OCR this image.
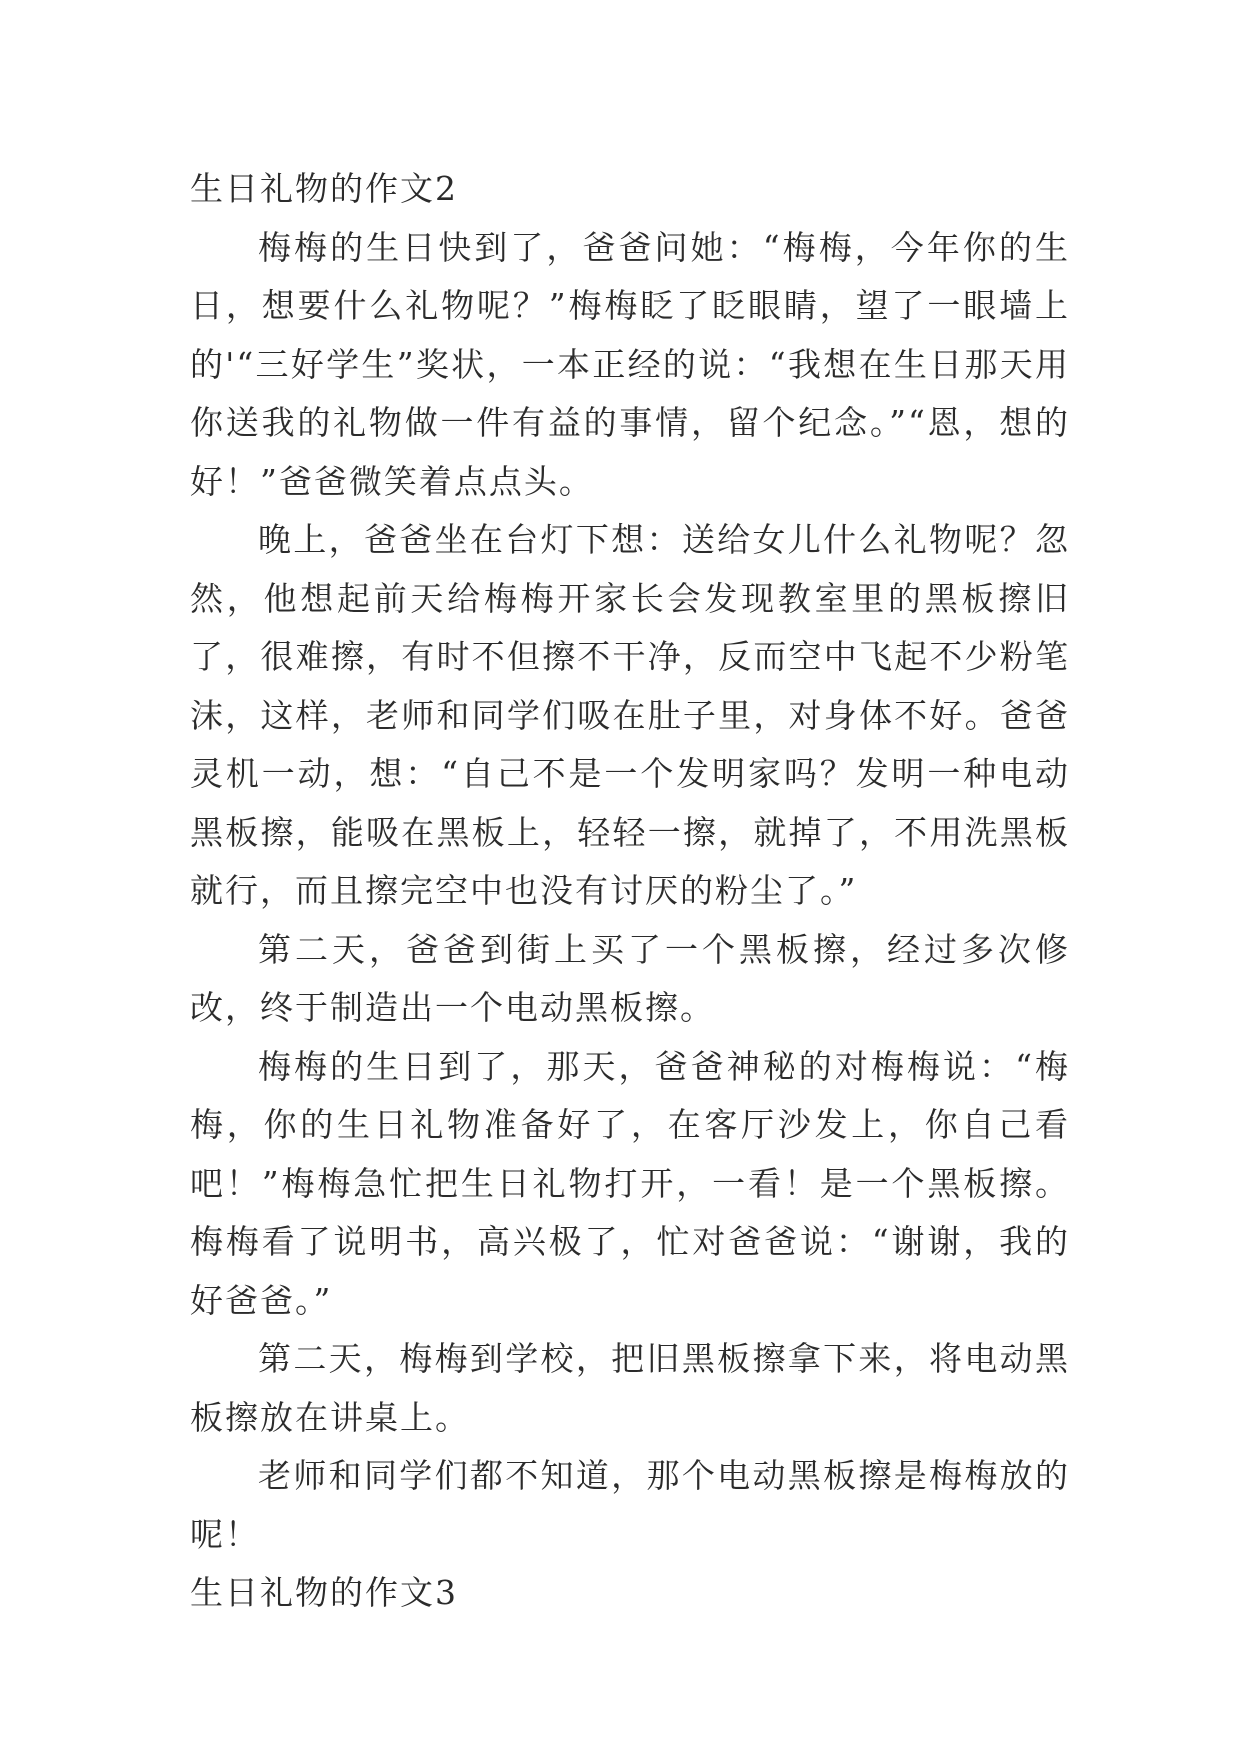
生日礼物的作文2

梅梅的生日快到了，爸爸问她：“梅梅，今年你的生日，想要什么礼物呢？”梅梅眨了眨眼睛，望了一眼墙上的'“三好学生”奖状，一本正经的说：“我想在生日那天用你送我的礼物做一件有益的事情，留个纪念。”“恩，想的好！”爸爸微笑着点点头。

晚上，爸爸坐在台灯下想：送给女儿什么礼物呢？忽然，他想起前天给梅梅开家长会发现教室里的黑板擦旧了，很难擦，有时不但擦不干净，反而空中飞起不少粉笔沫，这样，老师和同学们吸在肚子里，对身体不好。爸爸灵机一动，想：“自己不是一个发明家吗？发明一种电动黑板擦，能吸在黑板上，轻轻一擦，就掉了，不用洗黑板就行，而且擦完空中也没有讨厌的粉尘了。”

第二天，爸爸到街上买了一个黑板擦，经过多次修改，终于制造出一个电动黑板擦。

梅梅的生日到了，那天，爸爸神秘的对梅梅说：“梅梅，你的生日礼物准备好了，在客厅沙发上，你自己看吧！”梅梅急忙把生日礼物打开，一看！是一个黑板擦。梅梅看了说明书，高兴极了，忙对爸爸说：“谢谢，我的好爸爸。”

第二天，梅梅到学校，把旧黑板擦拿下来，将电动黑板擦放在讲桌上。

老师和同学们都不知道，那个电动黑板擦是梅梅放的呢！

生日礼物的作文3
